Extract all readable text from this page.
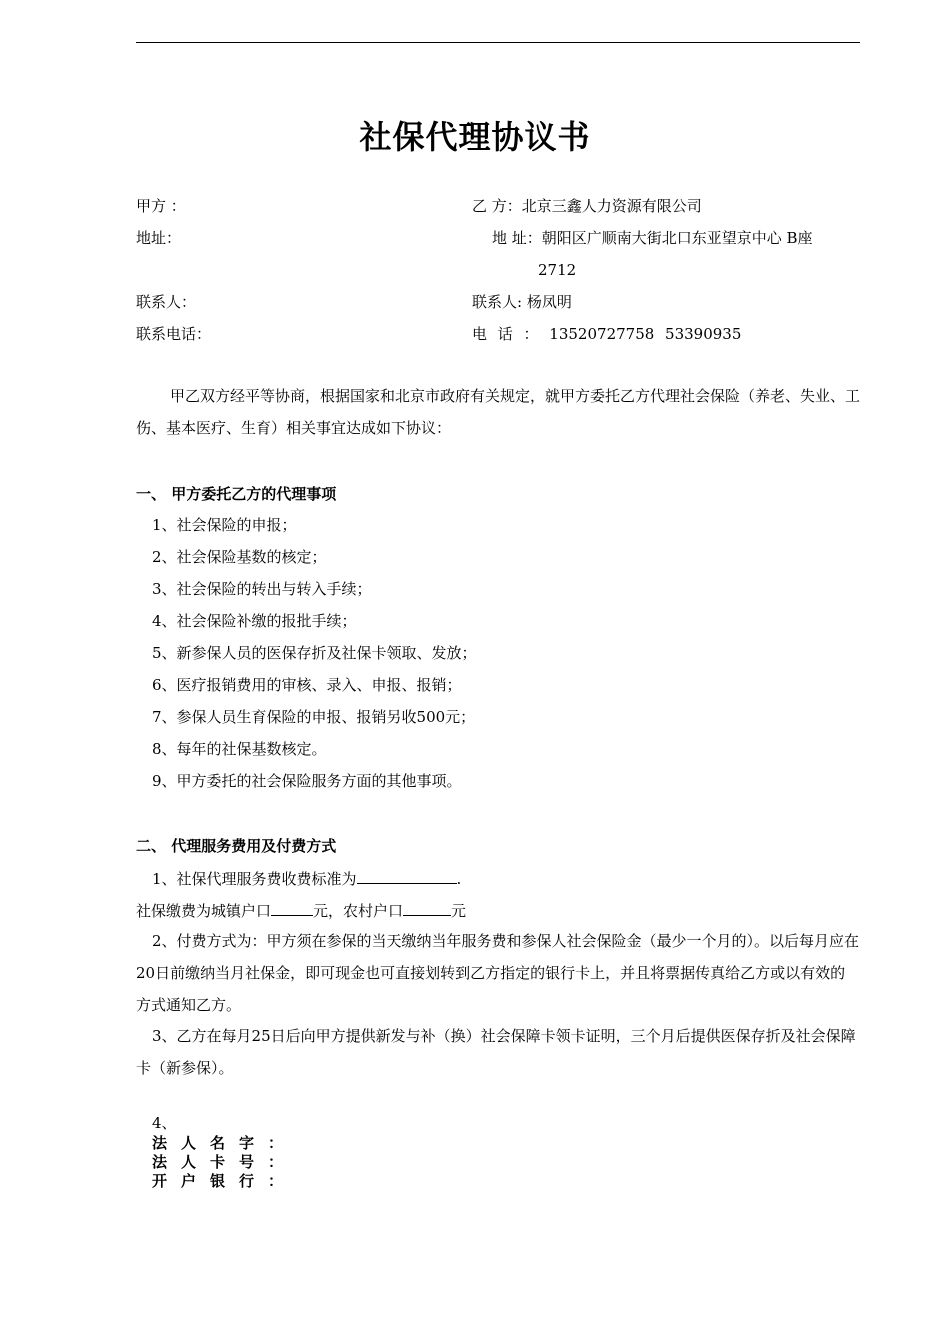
社保代理协议书
甲方 ：	乙 方：北京三鑫人力资源有限公司
地址：	地 址：朝阳区广顺南大街北口东亚望京中心 B座
2712
联系人：	联系人: 杨凤明
联系电话：	电 话 ： 13520727758 53390935
甲乙双方经平等协商，根据国家和北京市政府有关规定，就甲方委托乙方代理社会保险（养老、失业、工伤、基本医疗、生育）相关事宜达成如下协议：
一、 甲方委托乙方的代理事项
1、社会保险的申报；
2、社会保险基数的核定；
3、社会保险的转出与转入手续；
4、社会保险补缴的报批手续；
5、新参保人员的医保存折及社保卡领取、发放；
6、医疗报销费用的审核、录入、申报、报销；
7、参保人员生育保险的申报、报销另收500元；
8、每年的社保基数核定。
9、甲方委托的社会保险服务方面的其他事项。
二、 代理服务费用及付费方式
1、社保代理服务费收费标准为	.
社保缴费为城镇户口	元，农村户口	元
2、付费方式为：甲方须在参保的当天缴纳当年服务费和参保人社会保险金（最少一个月的）。以后每月应在20日前缴纳当月社保金，即可现金也可直接划转到乙方指定的银行卡上，并且将票据传真给乙方或以有效的方式通知乙方。
3、乙方在每月25日后向甲方提供新发与补（换）社会保障卡领卡证明，三个月后提供医保存折及社会保障卡（新参保）。
4、
法人名字：
法人卡号：
开户银行：
